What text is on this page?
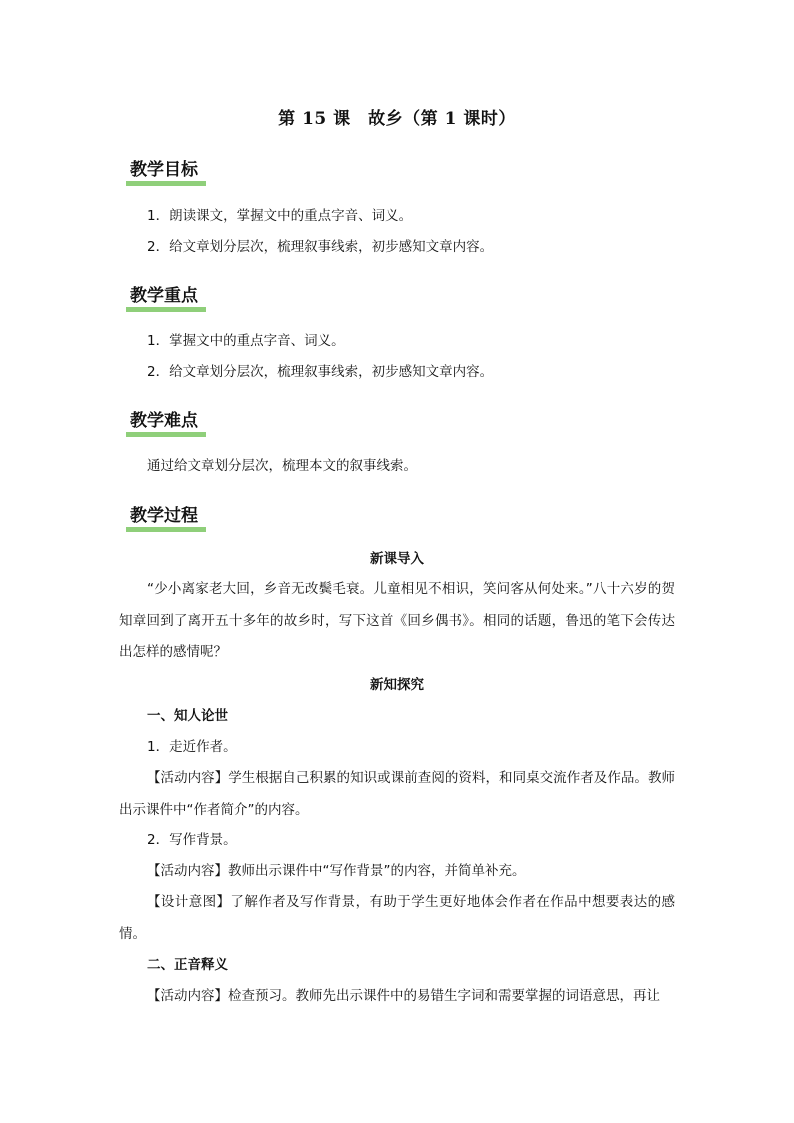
第 15 课　故乡（第 1 课时）
教学目标
1．朗读课文，掌握文中的重点字音、词义。
2．给文章划分层次，梳理叙事线索，初步感知文章内容。
教学重点
1．掌握文中的重点字音、词义。
2．给文章划分层次，梳理叙事线索，初步感知文章内容。
教学难点
通过给文章划分层次，梳理本文的叙事线索。
教学过程
新课导入
“少小离家老大回，乡音无改鬓毛衰。儿童相见不相识，笑问客从何处来。”八十六岁的贺知章回到了离开五十多年的故乡时，写下这首《回乡偶书》。相同的话题，鲁迅的笔下会传达出怎样的感情呢？
新知探究
一、知人论世
1．走近作者。
【活动内容】学生根据自己积累的知识或课前查阅的资料，和同桌交流作者及作品。教师出示课件中“作者简介”的内容。
2．写作背景。
【活动内容】教师出示课件中“写作背景”的内容，并简单补充。
【设计意图】了解作者及写作背景，有助于学生更好地体会作者在作品中想要表达的感情。
二、正音释义
【活动内容】检查预习。教师先出示课件中的易错生字词和需要掌握的词语意思，再让
